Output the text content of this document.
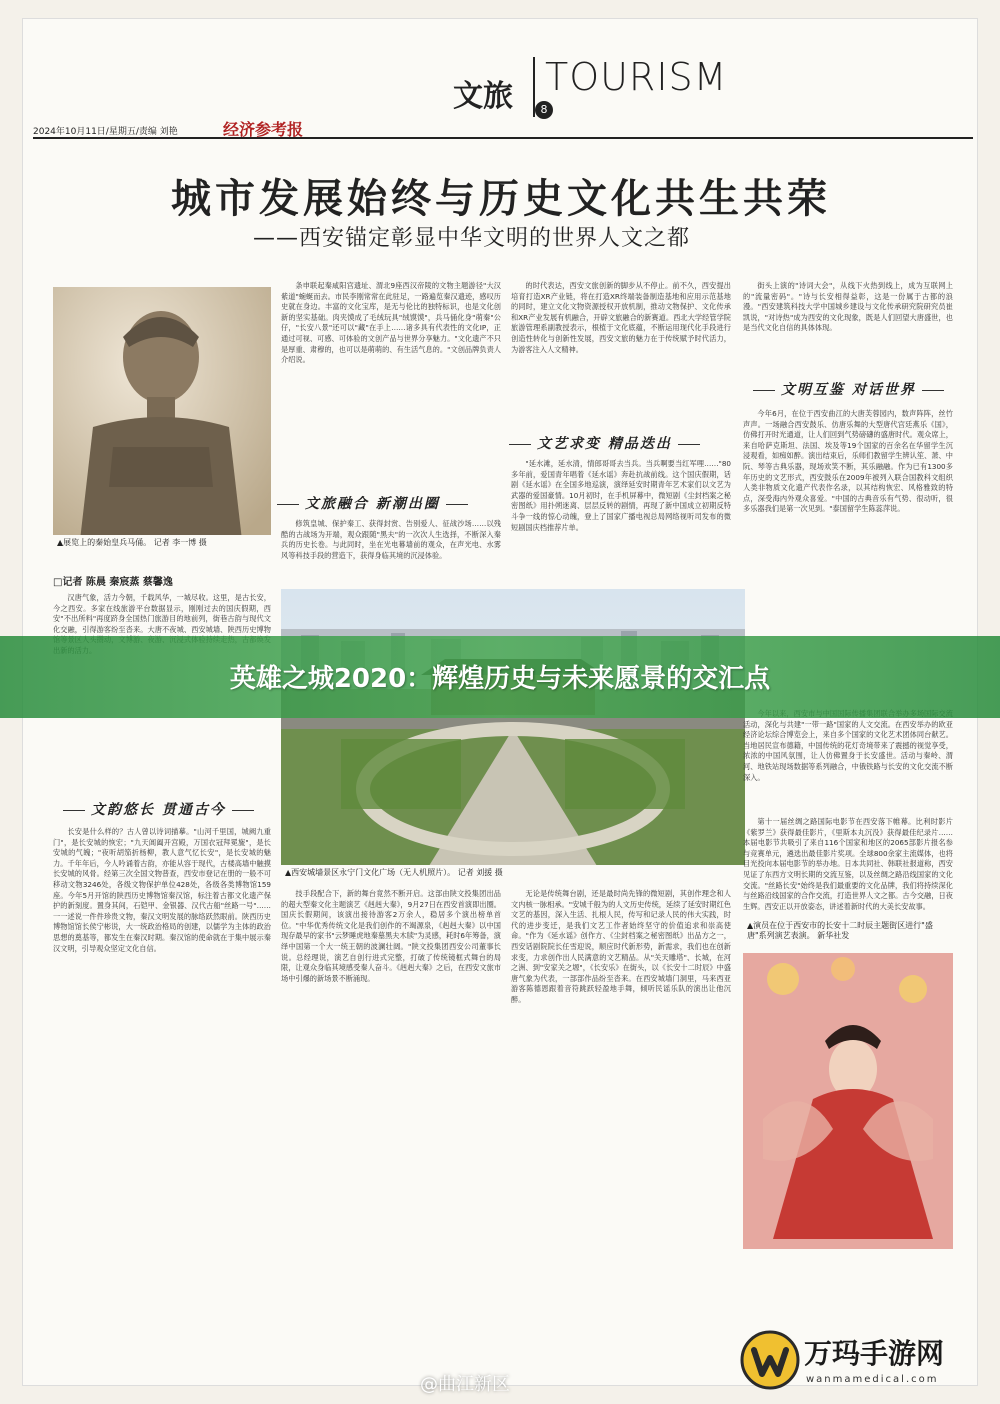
文旅 TOURISM
8
2024年10月11日/星期五/责编 刘艳	经济参考报
城市发展始终与历史文化共生共荣
——西安锚定彰显中华文明的世界人文之都
▲展览上的秦始皇兵马俑。 记者 李一博 摄
□记者 陈晨 秦宸蒸 蔡馨逸

汉唐气象，活力今朝，千载风华，一城尽收。这里，是古长安，今之西安。多家在线旅游平台数据显示，刚刚过去的国庆假期，西安"不出所料"再度跻身全国热门旅游目的地前列，街巷古韵与现代文化交融，引得游客纷至沓来。大唐不夜城、西安城墙、陕西历史博物

条申联起秦咸阳宫遗址、渭北9座西汉帝陵的文物主题游径"大汉紫道"蜿蜒而去。市民李刚常常在此驻足，一路遍览秦汉遗迹，感叹历史就在身边。丰富的文化宝库，是无与伦比的独特标识，也是文化创新的坚实基础。肉夹馍成了毛绒玩具"绒馍馍"，兵马俑化身"萌秦"公仔，"长安八景"还可以"藏"在手上……诸多具有代表性的文化IP，正通过可视、可感、可体验的文创产品与世界分享魅力。"文化遗产不只是厚重、肃穆的，也可以是萌萌的、有生活气息的。"文创品牌负责人介绍说。

文旅融合 新潮出圈

修筑皇城、保护秦工、获得封赏、告别爱人、征战沙场……以残酷的古战场为开端，观众跟随"黑夫"的一次次人生选择，不断深入秦兵的历史长卷。与此同时，坐在光电幕墙前的观众，在声光电、水雾风等科技手段的营造下，获得身临其境的沉浸体验。

的时代表达，西安文旅创新的脚步从不停止。前不久，西安提出培育打造XR产业链，将在打造XR终端装备制造基地和应用示范基地的同时，建立文化文物资源授权开放机制，推动文物保护、文化传承和XR产业发展有机融合，开辟文旅融合的新赛道。西北大学经管学院旅游管理系副教授表示，根植于文化底蕴，不断运用现代化手段进行创造性转化与创新性发展，西安文旅的魅力在于传统赋予时代活力，为游客注入人文精神。

文艺求变 精品迭出

"延水滩，延水清，情郎哥哥去当兵。当兵啊要当红军哩……"80多年前，爱国青年唱着《延水谣》奔赴抗战前线。这个国庆假期，话剧《延水谣》在全国多地巡演，演绎延安时期青年艺术家们以文艺为武器的爱国豪情。10月初时，在手机屏幕中，微短剧《尘封档案之秘密图纸》用扑朔迷离、层层反转的剧情，再现了新中国成立初期反特斗争一线的惊心动魄，登上了国家广播电视总局网络视听司发布的微短剧国庆档推荐片单。

街头上演的"诗词大会"，从线下火热到线上，成为互联网上的"流量密码"。"诗与长安相得益彰，这是一份属于古都的浪漫。"西安建筑科技大学中国城乡建设与文化传承研究院研究员崔凯说，"对诗热"成为西安的文化现象，既是人们回望大唐盛世，也是当代文化自信的具体体现。

文明互鉴 对话世界

今年6月，在位于西安曲江的大唐芙蓉园内，数声阵阵，丝竹声声。一场融合西安鼓乐、仿唐乐舞的大型唐代宫廷燕乐《国》，仿佛打开时光通道，让人们回到气势磅礴的盛唐时代。观众席上，来自哈萨克斯坦、法国、埃及等19个国家的百余名在华留学生沉浸观看，如痴如醉。演出结束后，乐师们教留学生辨认笙、萧、中阮、琴等古典乐器，现场欢笑不断，其乐融融。作为已有1300多年历史的文艺形式，西安鼓乐在2009年被列入联合国教科文组织人类非物质文化遗产代表作名录，以其结构恢宏、风格雅致的特点，深受海内外观众喜爱。"中国的古典音乐有气势、很动听，很多乐器我们是第一次见到。"泰国留学生陈蕊萍说。

▲西安城墙景区永宁门文化广场（无人机照片）。 记者 刘援 摄
文韵悠长 贯通古今

长安是什么样的？古人曾以诗词描摹。"山河千里国，城阙九重门"，是长安城的恢宏；"九天阊阖开宫殿，万国衣冠拜冕旒"，是长安城的气魄；"夜听胡笳折杨柳，教人意气忆长安"，是长安城的魅力。千年年后，今人吟诵着古韵，亦能从容于现代，古楼高墙中触摸长安城的风骨。经第三次全国文物普查，西安市登记在册的一般不可移动文物3246处，各级文物保护单位428处，各级各类博物馆159座。今年5月开馆的陕西历史博物馆秦汉馆，标注着古都文化遗产保护的新刻度。置身其间，石铠甲、金银器、汉代古船"丝路一号"……一一述说一件件珍贵文物，秦汉文明发展的脉络跃然眼前。陕西历史博物馆馆长侯宁彬说，大一统政治格局的创建，以儒学为主体的政治思想的奠基等，都发生在秦汉时期。秦汉馆的使命就在于集中展示秦汉文明，引导观众坚定文化自信。

技手段配合下，新的舞台竟然不断开启。这部由陕文投集团出品的超大型秦文化主题演艺《赳赳大秦》，9月27日在西安首演即出圈。国庆长假期间，该演出接待游客2万余人，稳居多个演出榜单首位。"中华优秀传统文化是我们创作的不竭源泉，《赳赳大秦》以中国现存最早的家书"云梦睡虎地秦墓黑夫木牍"为灵感，耗时6年筹备，演绎中国第一个大一统王朝的波澜壮阔。"陕文投集团西安公司董事长说。总经理说，演艺自创行进式完整，打破了传统镜框式舞台的局限，让观众身临其境感受秦人奋斗。《赳赳大秦》之后，在西安文旅市场中引爆的新场景不断涌现。

无论是传统舞台剧，还是最时尚先锋的微短剧，其创作理念和人文内核一脉相承。"安城千般为的人文历史传统，延续了延安时期红色文艺的基因，深入生活、扎根人民，传写和记录人民的伟大实践，时代的进步变迁，是我们文艺工作者始终坚守的价值追求和崇高使命。"作为《延水谣》创作方、《尘封档案之秘密图纸》出品方之一，西安话剧院院长任雪迎说，顺应时代新形势，新需求，我们也在创新求变，力求创作出人民满意的文艺精品。从"关天雕塔"、长城，在河之洲、到"安家关之塬"，《长安乐》在街头，以《长安十二时辰》中盛唐气象为代表，一部部作品纷至沓来。在西安城墙门洞里，马来西亚游客陈德恩跟着音符跳跃轻盈地手舞，倾听民谣乐队的演出让他沉醉。

活动，深化与共建"一带一路"国家的人文交流。在西安举办的欧亚经济论坛综合博览会上，来自多个国家的文化艺术团体同台献艺。当地居民宣布德籍，中国传统的花灯奇境带来了震撼的视觉享受，浓浓的中国风氛围，让人仿佛置身于长安盛世。活动与秦岭、渭河、地铁站现场数据等系列融合，中俄铁路与长安的文化交流不断深入。

第十一届丝绸之路国际电影节在西安落下帷幕。比利时影片《紫罗兰》获得最佳影片，《里斯本丸沉没》获得最佳纪录片……本届电影节共吸引了来自116个国家和地区的2065部影片报名参与竞赛单元，遴选出最佳影片奖项。全球800余家主流媒体，也将目光投向本届电影节的举办地。日本共同社、韩联社报道称，西安见证了东西方文明长期的交流互鉴，以及丝绸之路沿线国家的文化交流。"丝路长安"始终是我们最重要的文化品牌，我们将持续深化与丝路沿线国家的合作交流，打造世界人文之都。古今交融，日夜生辉。西安正以开放姿态，讲述着新时代的大美长安故事。

▲演员在位于西安市的长安十二时辰主题街区进行"盛唐"系列演艺表演。 新华社发
英雄之城2020：辉煌历史与未来愿景的交汇点
@曲江新区
万玛手游网
wanmamedical.com
